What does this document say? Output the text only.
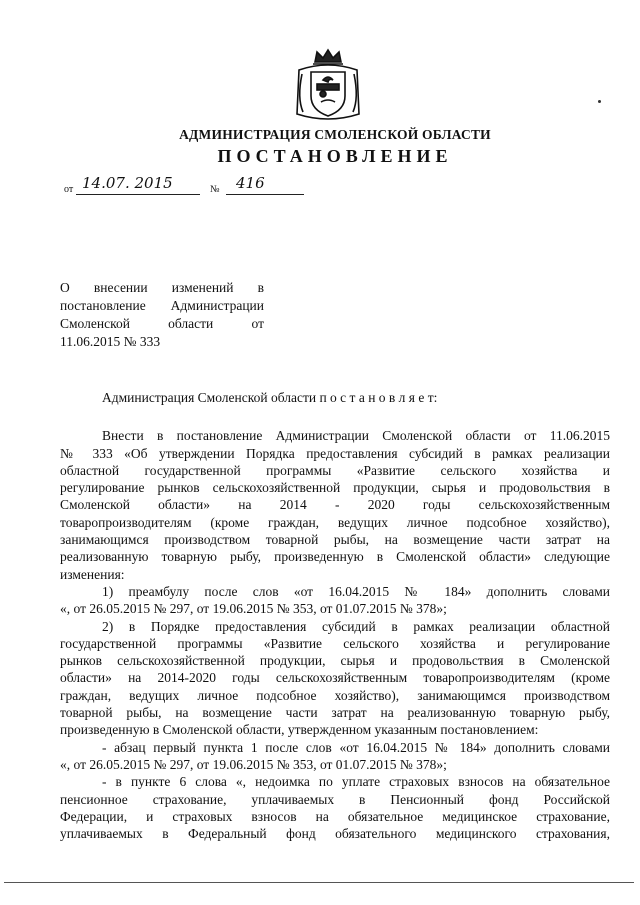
АДМИНИСТРАЦИЯ СМОЛЕНСКОЙ ОБЛАСТИ
ПОСТАНОВЛЕНИЕ
от 14.07. 2015	№	416
О внесении изменений в
постановление Администрации
Смоленской области от
11.06.2015 № 333
Администрация Смоленской области п о с т а н о в л я е т:
Внести в постановление Администрации Смоленской области от 11.06.2015
№ 333 «Об утверждении Порядка предоставления субсидий в рамках реализации
областной государственной программы «Развитие сельского хозяйства и
регулирование рынков сельскохозяйственной продукции, сырья и продовольствия в
Смоленской области» на 2014 - 2020 годы сельскохозяйственным
товаропроизводителям (кроме граждан, ведущих личное подсобное хозяйство),
занимающимся производством товарной рыбы, на возмещение части затрат на
реализованную товарную рыбу, произведенную в Смоленской области» следующие
изменения:
1) преамбулу после слов «от 16.04.2015 № 184» дополнить словами
«, от 26.05.2015 № 297, от 19.06.2015 № 353, от 01.07.2015 № 378»;
2) в Порядке предоставления субсидий в рамках реализации областной
государственной программы «Развитие сельского хозяйства и регулирование
рынков сельскохозяйственной продукции, сырья и продовольствия в Смоленской
области» на 2014-2020 годы сельскохозяйственным товаропроизводителям (кроме
граждан, ведущих личное подсобное хозяйство), занимающимся производством
товарной рыбы, на возмещение части затрат на реализованную товарную рыбу,
произведенную в Смоленской области, утвержденном указанным постановлением:
- абзац первый пункта 1 после слов «от 16.04.2015 № 184» дополнить словами
«, от 26.05.2015 № 297, от 19.06.2015 № 353, от 01.07.2015 № 378»;
- в пункте 6 слова «, недоимка по уплате страховых взносов на обязательное
пенсионное страхование, уплачиваемых в Пенсионный фонд Российской
Федерации, и страховых взносов на обязательное медицинское страхование,
уплачиваемых в Федеральный фонд обязательного медицинского страхования,
